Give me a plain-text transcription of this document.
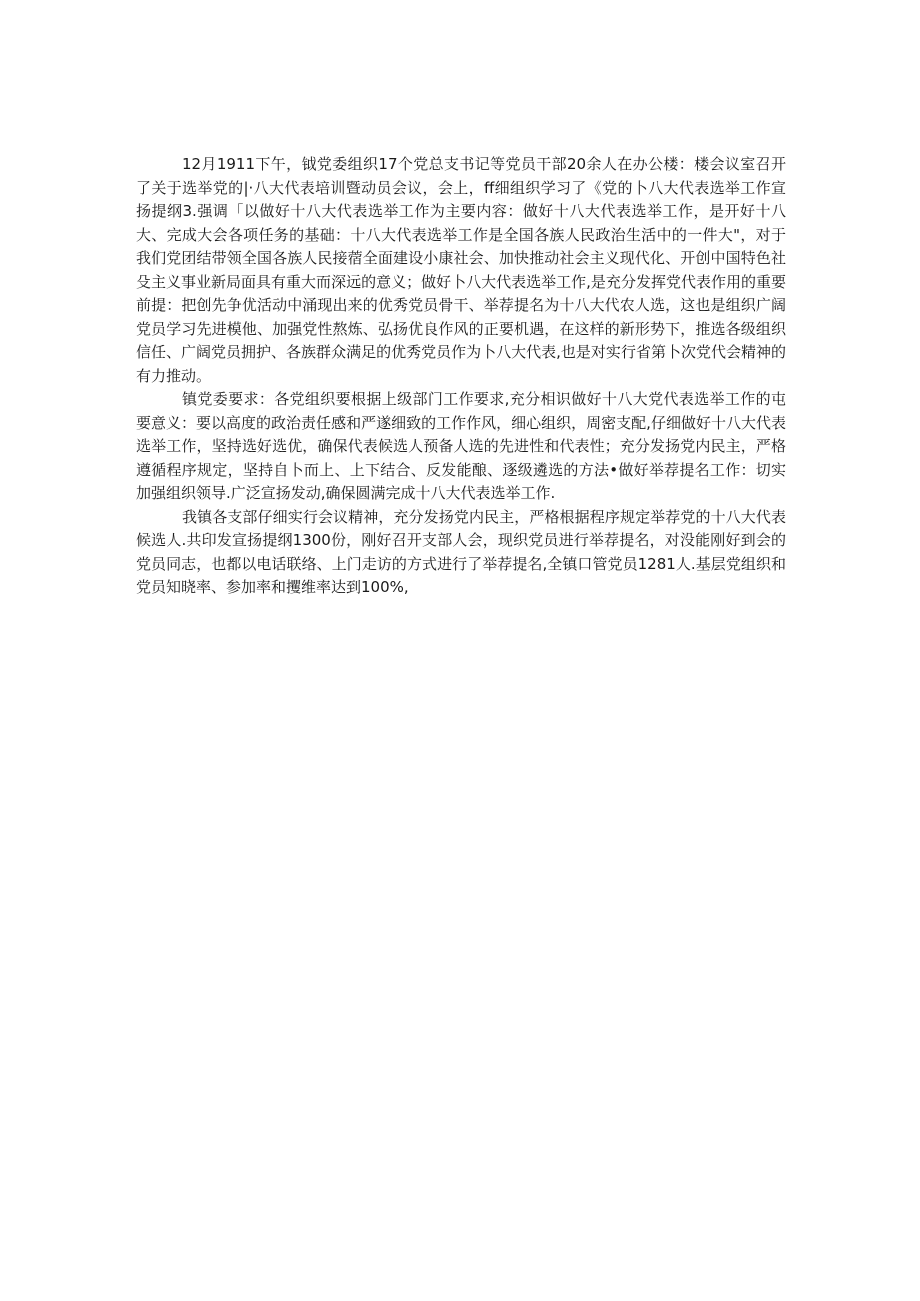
12月1911下午，钺党委组织17个党总支书记等党员干部20余人在办公楼：楼会议室召开了关于选举党的|·八大代表培训暨动员会议，会上，ff细组织学习了《党的卜八大代表选举工作宣扬提纲3.强调「以做好十八大代表选举工作为主要内容：做好十八大代表选举工作，是开好十八大、完成大会各项任务的基础：十八大代表选举工作是全国各族人民政治生活中的一件大"，对于我们党团结带领全国各族人民接蓿全面建设小康社会、加快推动社会主义现代化、开创中国特色社殳主义事业新局面具有重大而深远的意义；做好卜八大代表选举工作,是充分发挥党代表作用的重要前提：把创先争优活动中涌现出来的优秀党员骨干、举荐提名为十八大代农人选，这也是组织广阔党员学习先进模他、加强党性熬炼、弘扬优良作风的正要机遇，在这样的新形势下，推选各级组织信任、广阔党员拥护、各族群众满足的优秀党员作为卜八大代表,也是对实行省第卜次党代会精神的有力推动。

镇党委要求：各党组织要根据上级部门工作要求,充分相识做好十八大党代表选举工作的屯要意义：要以高度的政治责任感和严遂细致的工作作风，细心组织，周密支配,仔细做好十八大代表选举工作，坚持选好选优，确保代表候选人预备人选的先进性和代表性；充分发扬党内民主，严格遵循程序规定，坚持自卜而上、上下结合、反发能酿、逐级遴选的方法•做好举荐提名工作：切实加强组织领导.广泛宣扬发动,确保圆满完成十八大代表选举工作.

我镇各支部仔细实行会议精神，充分发扬党内民主，严格根据程序规定举荐党的十八大代表候选人.共印发宣扬提纲1300份，刚好召开支部人会，现织党员进行举荐提名，对没能刚好到会的党员同志，也都以电话联络、上门走访的方式进行了举荐提名,全镇口管党员1281人.基层党组织和党员知晓率、参加率和攫维率达到100%,
